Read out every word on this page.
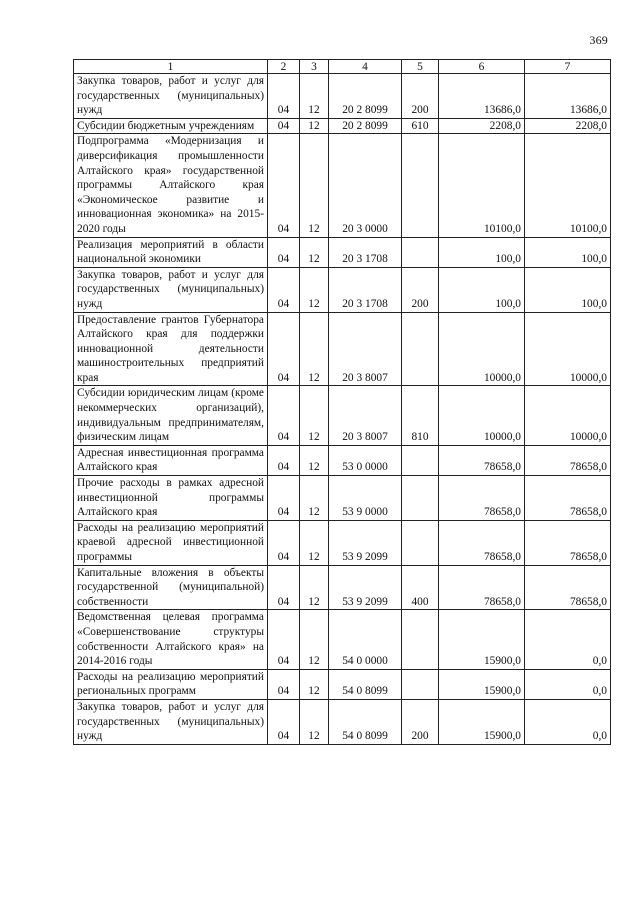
369
1	2	3	4	5	6	7
Закупка товаров, работ и услуг для государственных (муниципальных) нужд	04	12	20 2 8099	200	13686,0	13686,0
Субсидии бюджетным учреждениям	04	12	20 2 8099	610	2208,0	2208,0
Подпрограмма «Модернизация и диверсификация промышленности Алтайского края» государственной программы Алтайского края «Экономическое развитие и инновационная экономика» на 2015-2020 годы	04	12	20 3 0000		10100,0	10100,0
Реализация мероприятий в области национальной экономики	04	12	20 3 1708		100,0	100,0
Закупка товаров, работ и услуг для государственных (муниципальных) нужд	04	12	20 3 1708	200	100,0	100,0
Предоставление грантов Губернатора Алтайского края для поддержки инновационной деятельности машиностроительных предприятий края	04	12	20 3 8007		10000,0	10000,0
Субсидии юридическим лицам (кроме некоммерческих организаций), индивидуальным предпринимателям, физическим лицам	04	12	20 3 8007	810	10000,0	10000,0
Адресная инвестиционная программа Алтайского края	04	12	53 0 0000		78658,0	78658,0
Прочие расходы в рамках адресной инвестиционной программы Алтайского края	04	12	53 9 0000		78658,0	78658,0
Расходы на реализацию мероприятий краевой адресной инвестиционной программы	04	12	53 9 2099		78658,0	78658,0
Капитальные вложения в объекты государственной (муниципальной) собственности	04	12	53 9 2099	400	78658,0	78658,0
Ведомственная целевая программа «Совершенствование структуры собственности Алтайского края» на 2014-2016 годы	04	12	54 0 0000		15900,0	0,0
Расходы на реализацию мероприятий региональных программ	04	12	54 0 8099		15900,0	0,0
Закупка товаров, работ и услуг для государственных (муниципальных) нужд	04	12	54 0 8099	200	15900,0	0,0
